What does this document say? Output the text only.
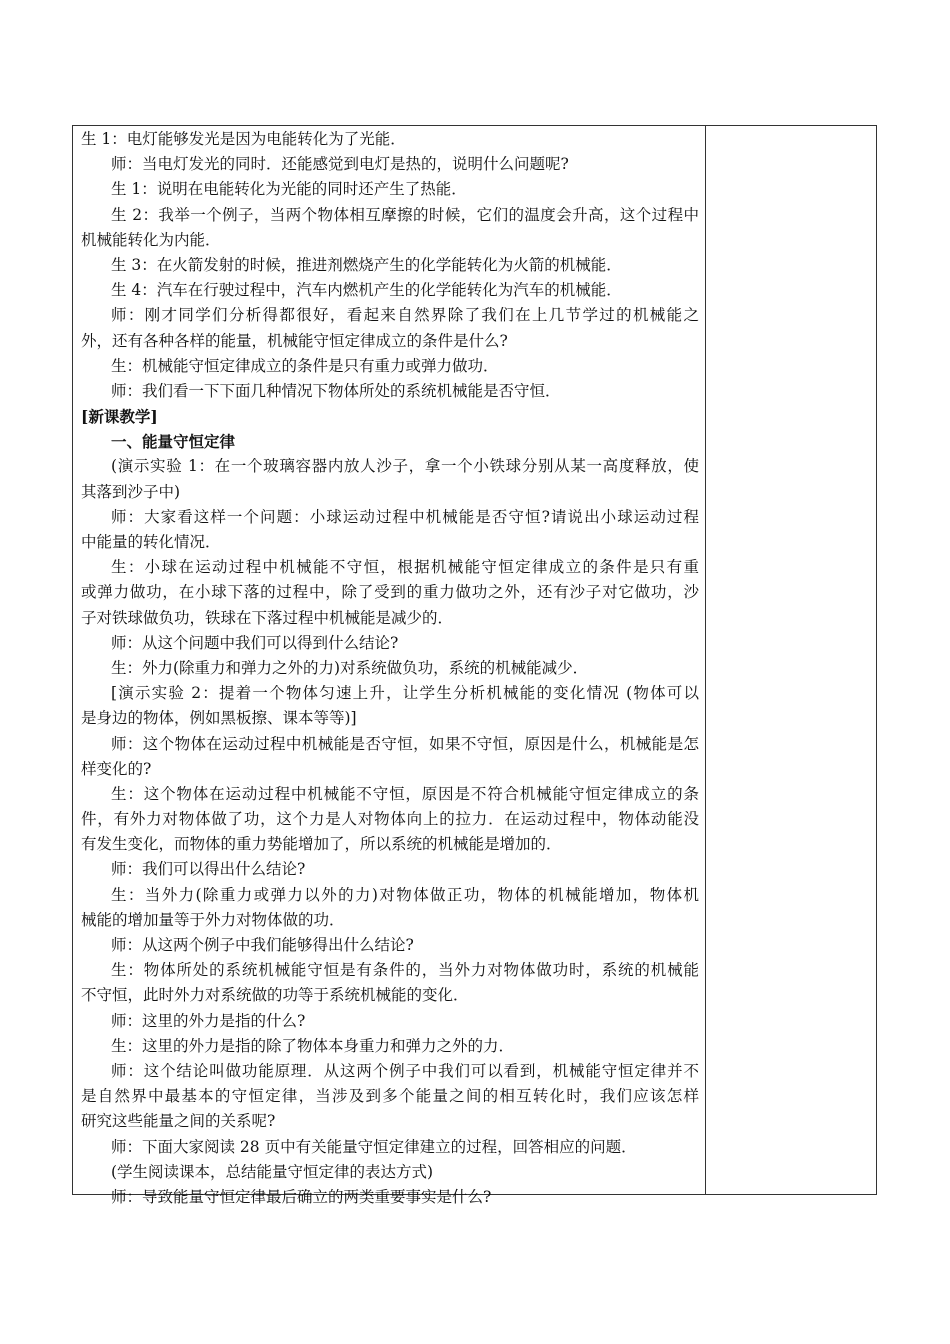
生 1：电灯能够发光是因为电能转化为了光能．
师：当电灯发光的同时．还能感觉到电灯是热的，说明什么问题呢?
生 1：说明在电能转化为光能的同时还产生了热能．
生 2：我举一个例子，当两个物体相互摩擦的时候，它们的温度会升高，这个过程中
机械能转化为内能．
生 3：在火箭发射的时候，推进剂燃烧产生的化学能转化为火箭的机械能．
生 4：汽车在行驶过程中，汽车内燃机产生的化学能转化为汽车的机械能．
师：刚才同学们分析得都很好，看起来自然界除了我们在上几节学过的机械能之
外，还有各种各样的能量，机械能守恒定律成立的条件是什么?
生：机械能守恒定律成立的条件是只有重力或弹力做功．
师：我们看一下下面几种情况下物体所处的系统机械能是否守恒．
[新课教学]
一、能量守恒定律
(演示实验 1：在一个玻璃容器内放人沙子，拿一个小铁球分别从某一高度释放，使
其落到沙子中)
师：大家看这样一个问题：小球运动过程中机械能是否守恒?请说出小球运动过程
中能量的转化情况．
生：小球在运动过程中机械能不守恒，根据机械能守恒定律成立的条件是只有重
或弹力做功，在小球下落的过程中，除了受到的重力做功之外，还有沙子对它做功，沙
子对铁球做负功，铁球在下落过程中机械能是减少的．
师：从这个问题中我们可以得到什么结论?
生：外力(除重力和弹力之外的力)对系统做负功，系统的机械能减少．
[演示实验 2：提着一个物体匀速上升，让学生分析机械能的变化情况 (物体可以
是身边的物体，例如黑板擦、课本等等)]
师：这个物体在运动过程中机械能是否守恒，如果不守恒，原因是什么，机械能是怎
样变化的?
生：这个物体在运动过程中机械能不守恒，原因是不符合机械能守恒定律成立的条
件，有外力对物体做了功，这个力是人对物体向上的拉力．在运动过程中，物体动能没
有发生变化，而物体的重力势能增加了，所以系统的机械能是增加的．
师：我们可以得出什么结论?
生：当外力(除重力或弹力以外的力)对物体做正功，物体的机械能增加，物体机
械能的增加量等于外力对物体做的功．
师：从这两个例子中我们能够得出什么结论?
生：物体所处的系统机械能守恒是有条件的，当外力对物体做功时，系统的机械能
不守恒，此时外力对系统做的功等于系统机械能的变化．
师：这里的外力是指的什么?
生：这里的外力是指的除了物体本身重力和弹力之外的力．
师：这个结论叫做功能原理．从这两个例子中我们可以看到，机械能守恒定律并不
是自然界中最基本的守恒定律，当涉及到多个能量之间的相互转化时，我们应该怎样
研究这些能量之间的关系呢?
师：下面大家阅读 28 页中有关能量守恒定律建立的过程，回答相应的问题．
(学生阅读课本，总结能量守恒定律的表达方式)
师：导致能量守恒定律最后确立的两类重要事实是什么?
